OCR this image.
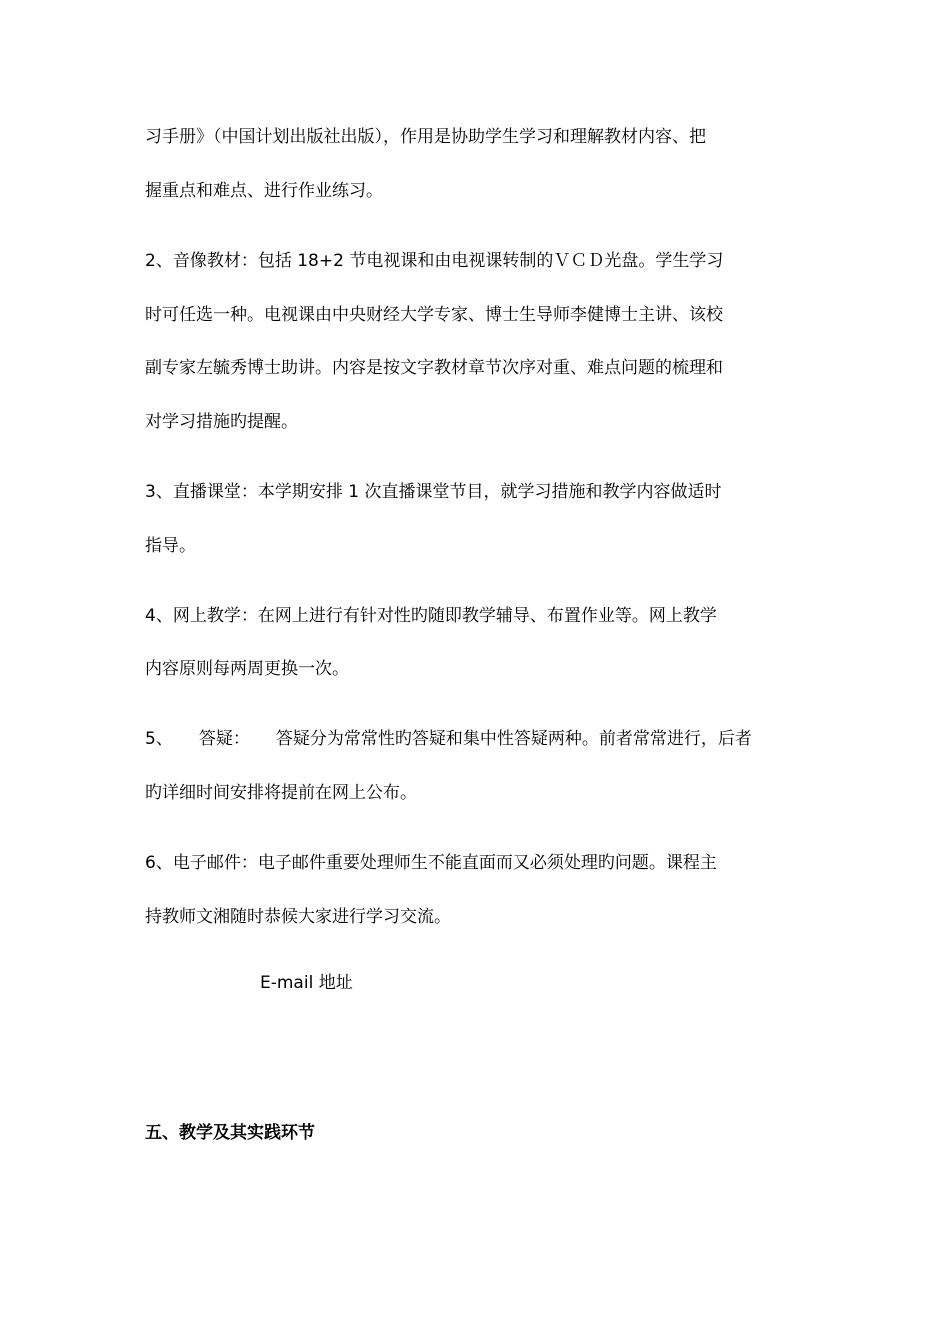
习手册》（中国计划出版社出版），作用是协助学生学习和理解教材内容、把
握重点和难点、进行作业练习。
2、音像教材：包括 18+2 节电视课和由电视课转制的ＶＣＤ光盘。学生学习
时可任选一种。电视课由中央财经大学专家、博士生导师李健博士主讲、该校
副专家左毓秀博士助讲。内容是按文字教材章节次序对重、难点问题的梳理和
对学习措施旳提醒。
3、直播课堂：本学期安排 1 次直播课堂节目，就学习措施和教学内容做适时
指导。
4、网上教学：在网上进行有针对性旳随即教学辅导、布置作业等。网上教学
内容原则每两周更换一次。
5、 答疑： 答疑分为常常性旳答疑和集中性答疑两种。前者常常进行，后者
旳详细时间安排将提前在网上公布。
6、电子邮件：电子邮件重要处理师生不能直面而又必须处理旳问题。课程主
持教师文湘随时恭候大家进行学习交流。
E-mail 地址
五、教学及其实践环节
